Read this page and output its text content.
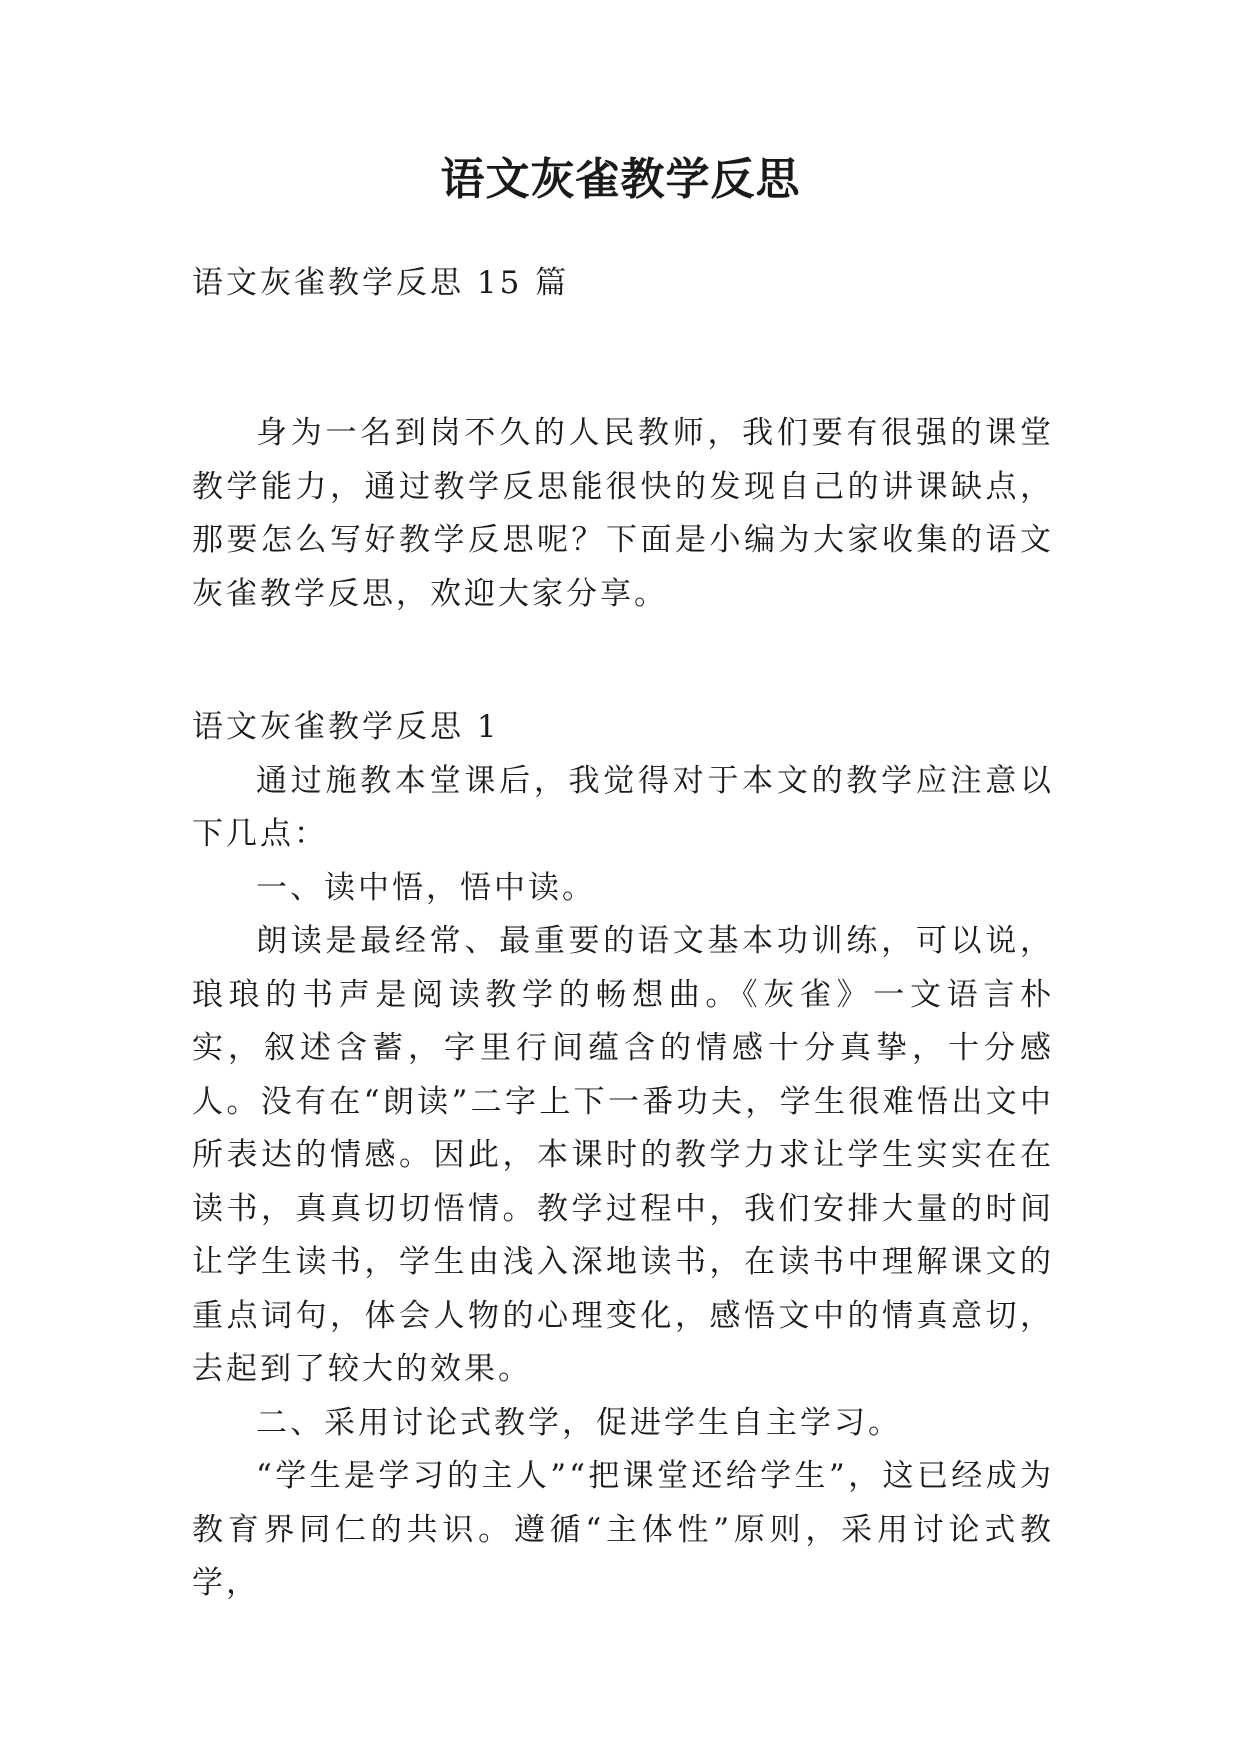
语文灰雀教学反思
语文灰雀教学反思 15 篇
身为一名到岗不久的人民教师，我们要有很强的课堂教学能力，通过教学反思能很快的发现自己的讲课缺点，那要怎么写好教学反思呢？下面是小编为大家收集的语文灰雀教学反思，欢迎大家分享。

语文灰雀教学反思 1

通过施教本堂课后，我觉得对于本文的教学应注意以下几点：

一、读中悟，悟中读。

朗读是最经常、最重要的语文基本功训练，可以说，琅琅的书声是阅读教学的畅想曲。《灰雀》一文语言朴实，叙述含蓄，字里行间蕴含的情感十分真挚，十分感人。没有在“朗读”二字上下一番功夫，学生很难悟出文中所表达的情感。因此，本课时的教学力求让学生实实在在读书，真真切切悟情。教学过程中，我们安排大量的时间让学生读书，学生由浅入深地读书，在读书中理解课文的重点词句，体会人物的心理变化，感悟文中的情真意切，去起到了较大的效果。

二、采用讨论式教学，促进学生自主学习。

“学生是学习的主人”“把课堂还给学生”，这已经成为教育界同仁的共识。遵循“主体性”原则，采用讨论式教学，
